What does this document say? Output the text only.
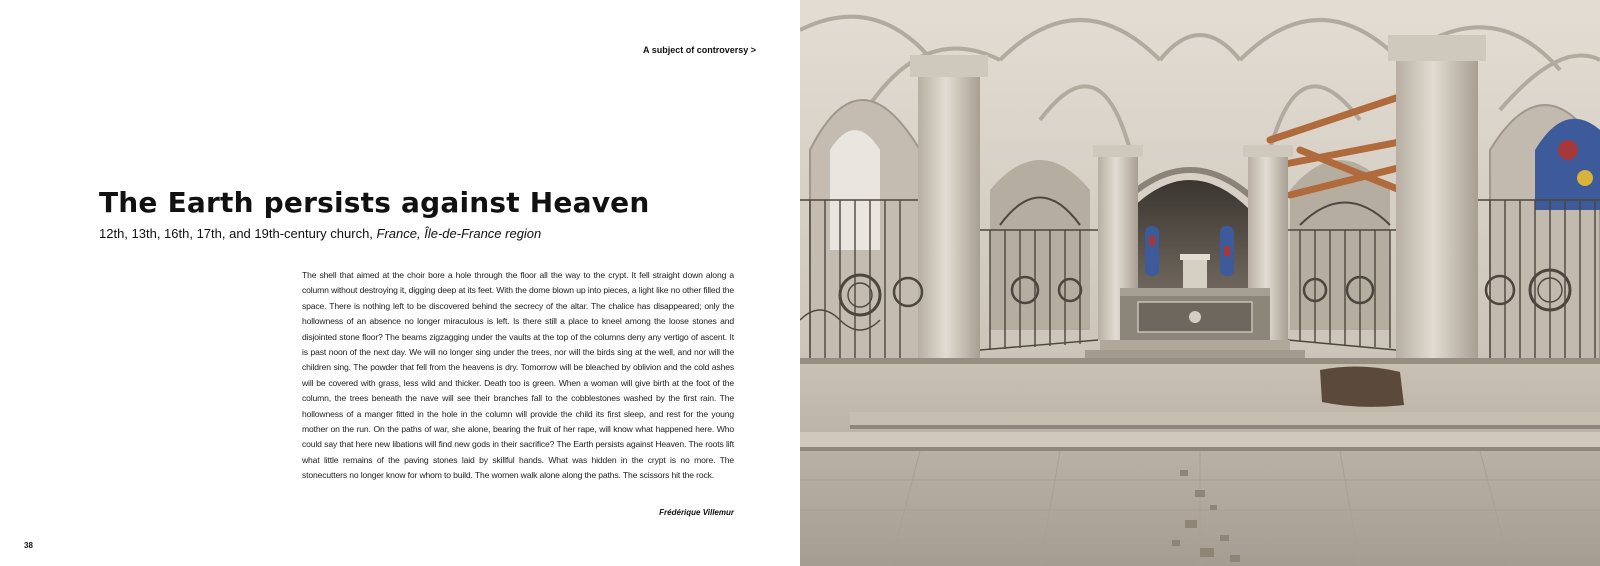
A subject of controversy >
The Earth persists against Heaven

12th, 13th, 16th, 17th, and 19th-century church, France, Île-de-France region

The shell that aimed at the choir bore a hole through the floor all the way to the crypt. It fell straight down along a column without destroying it, digging deep at its feet. With the dome blown up into pieces, a light like no other filled the space. There is nothing left to be discovered behind the secrecy of the altar. The chalice has disappeared; only the hollowness of an absence no longer miraculous is left. Is there still a place to kneel among the loose stones and disjointed stone floor? The beams zigzagging under the vaults at the top of the columns deny any vertigo of ascent. It is past noon of the next day. We will no longer sing under the trees, nor will the birds sing at the well, and nor will the children sing. The powder that fell from the heavens is dry. Tomorrow will be bleached by oblivion and the cold ashes will be covered with grass, less wild and thicker. Death too is green. When a woman will give birth at the foot of the column, the trees beneath the nave will see their branches fall to the cobblestones washed by the first rain. The hollowness of a manger fitted in the hole in the column will provide the child its first sleep, and rest for the young mother on the run. On the paths of war, she alone, bearing the fruit of her rape, will know what happened here. Who could say that here new libations will find new gods in their sacrifice? The Earth persists against Heaven. The roots lift what little remains of the paving stones laid by skillful hands. What was hidden in the crypt is no more. The stonecutters no longer know for whom to build. The women walk alone along the paths. The scissors hit the rock.

Frédérique Villemur

38
